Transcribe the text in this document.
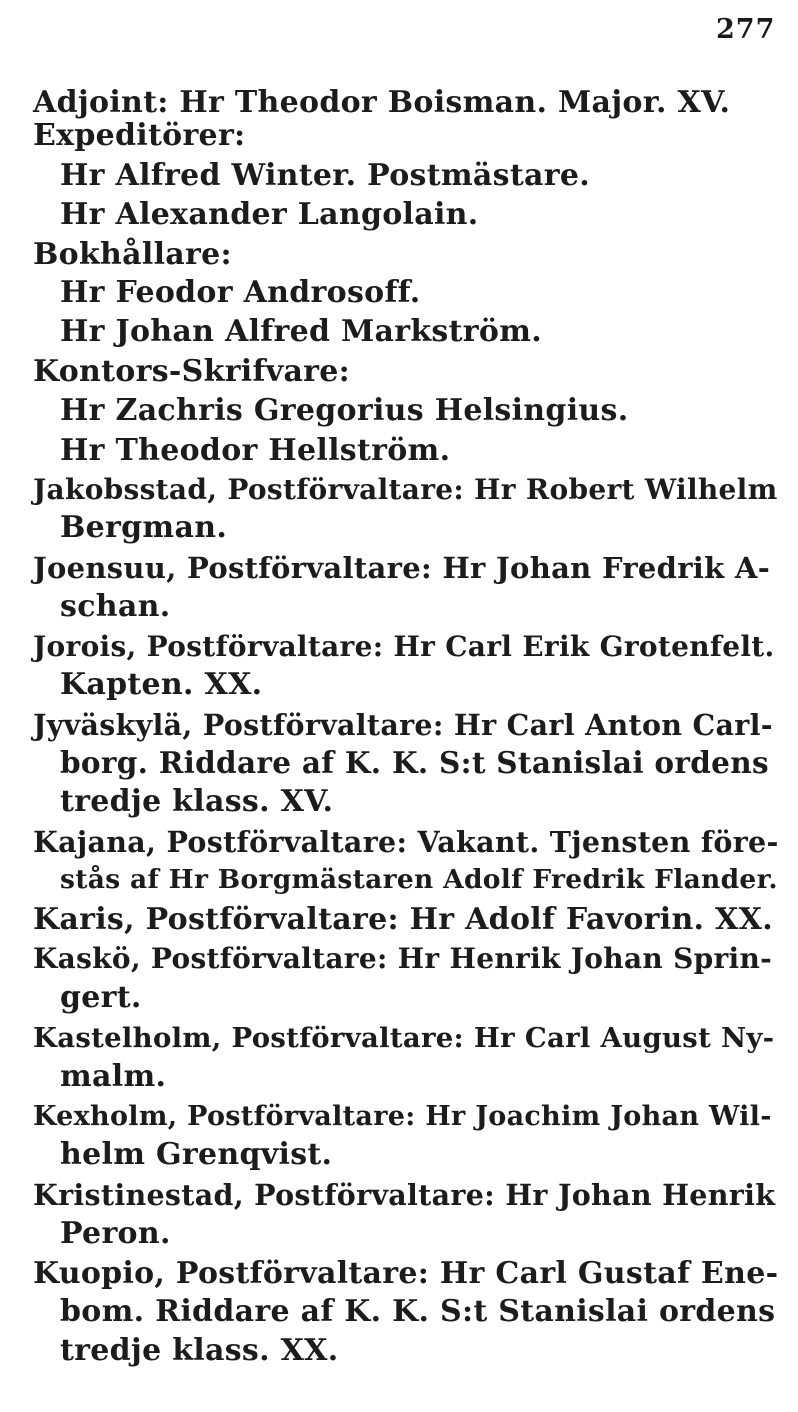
277
Adjoint: Hr Theodor Boisman. Major. XV.
Expeditörer:
Hr Alfred Winter. Postmästare.
Hr Alexander Langolain.
Bokhållare:
Hr Feodor Androsoff.
Hr Johan Alfred Markström.
Kontors-Skrifvare:
Hr Zachris Gregorius Helsingius.
Hr Theodor Hellström.
Jakobsstad, Postförvaltare: Hr Robert Wilhelm
Bergman.
Joensuu, Postförvaltare: Hr Johan Fredrik A-
schan.
Jorois, Postförvaltare: Hr Carl Erik Grotenfelt.
Kapten. XX.
Jyväskylä, Postförvaltare: Hr Carl Anton Carl-
borg. Riddare af K. K. S:t Stanislai ordens
tredje klass. XV.
Kajana, Postförvaltare: Vakant. Tjensten före-
stås af Hr Borgmästaren Adolf Fredrik Flander.
Karis, Postförvaltare: Hr Adolf Favorin. XX.
Kaskö, Postförvaltare: Hr Henrik Johan Sprin-
gert.
Kastelholm, Postförvaltare: Hr Carl August Ny-
malm.
Kexholm, Postförvaltare: Hr Joachim Johan Wil-
helm Grenqvist.
Kristinestad, Postförvaltare: Hr Johan Henrik
Peron.
Kuopio, Postförvaltare: Hr Carl Gustaf Ene-
bom. Riddare af K. K. S:t Stanislai ordens
tredje klass. XX.
